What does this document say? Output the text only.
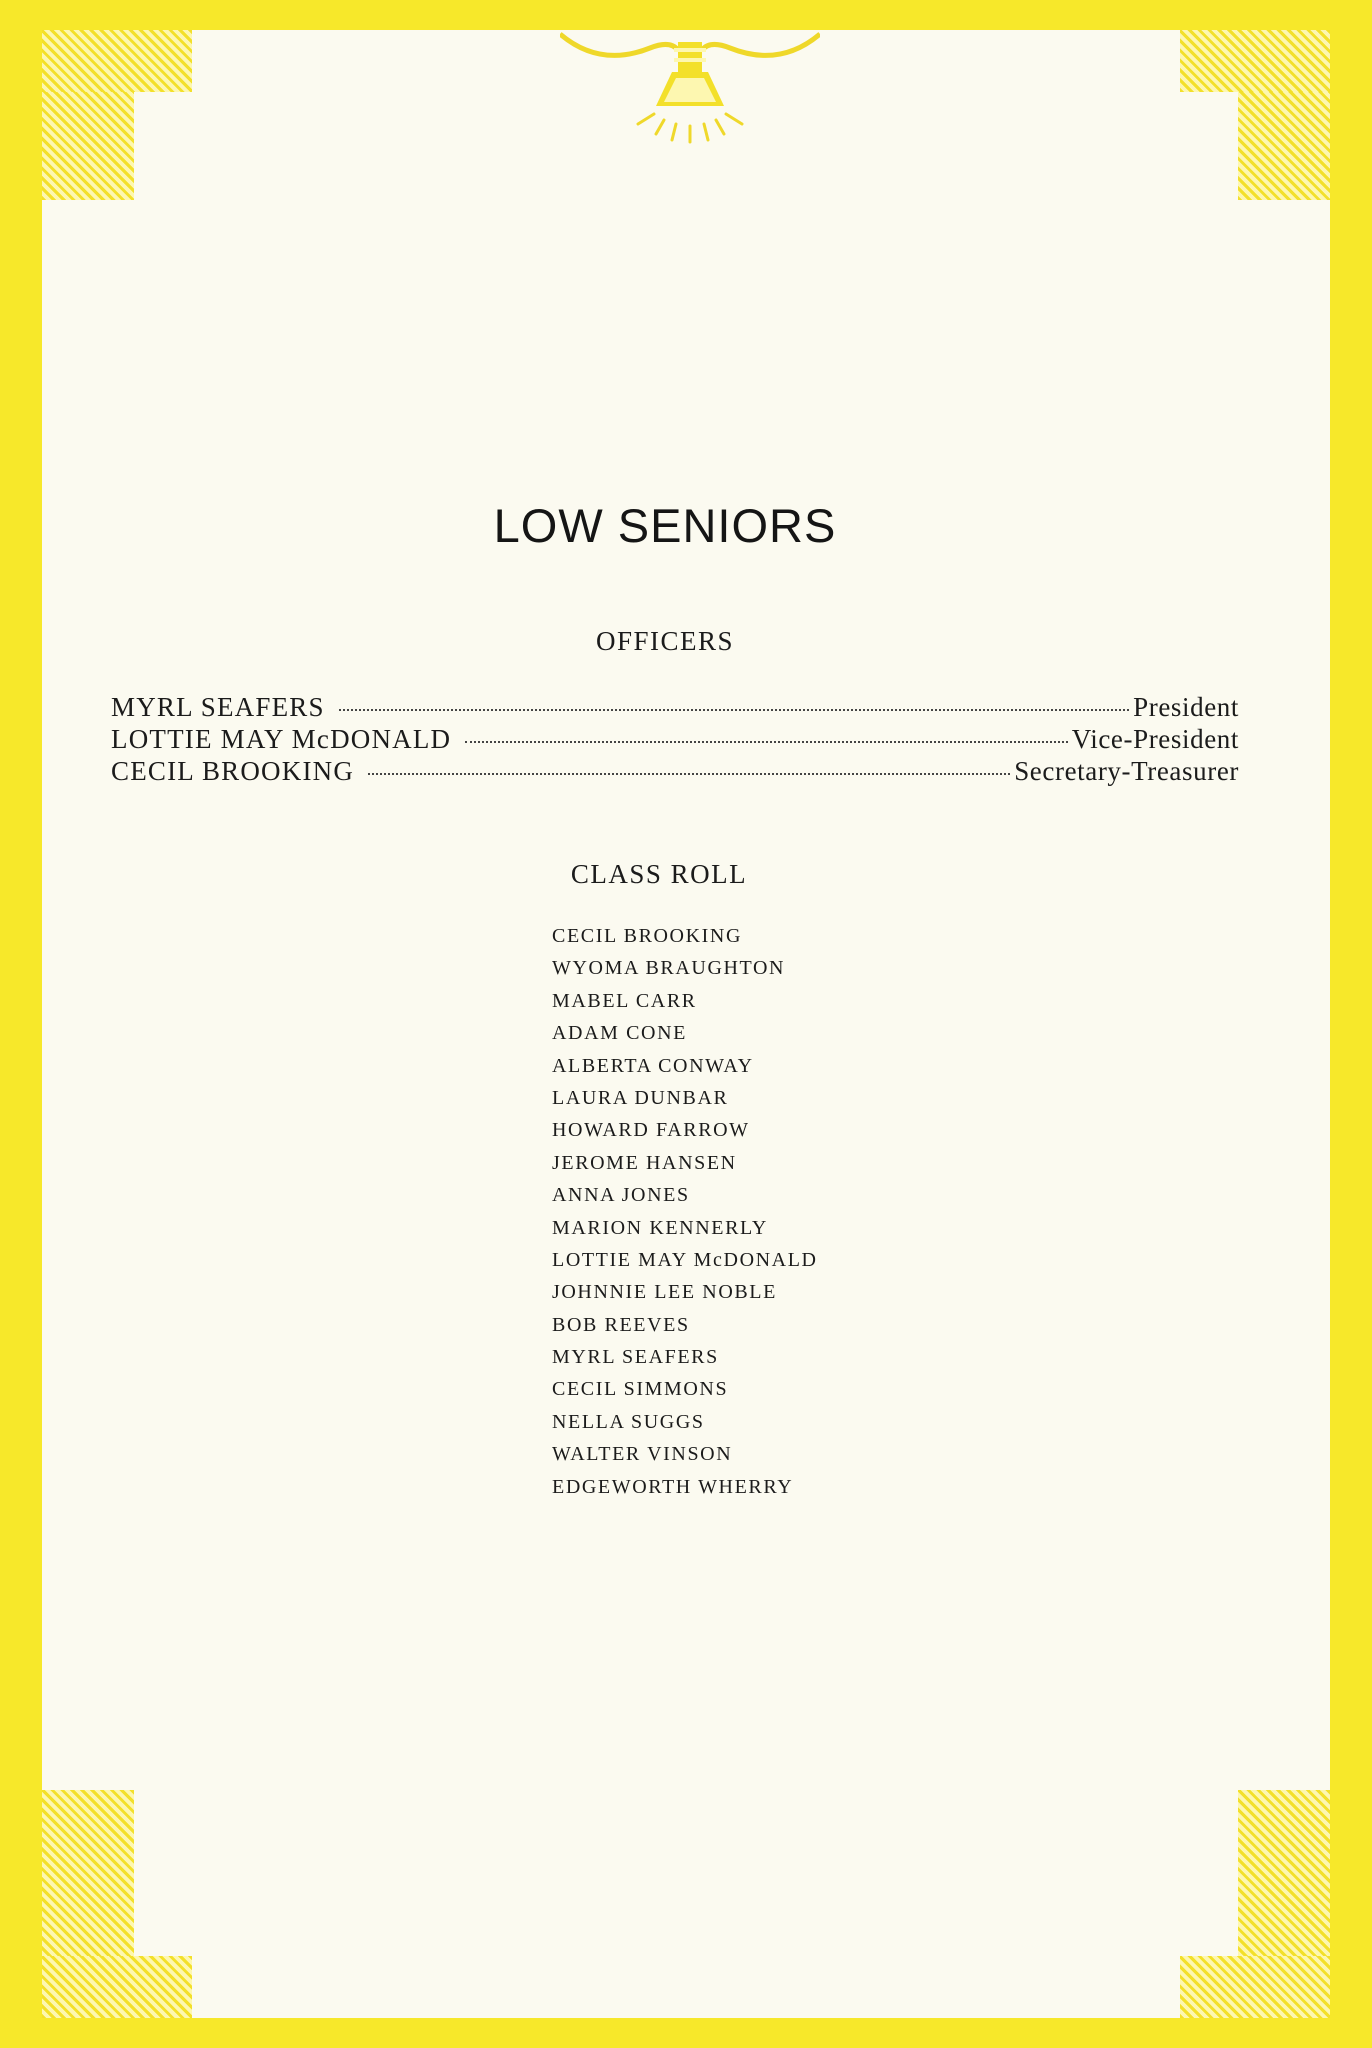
LOW SENIORS
OFFICERS
MYRL SEAFERS	President
LOTTIE MAY McDONALD	Vice-President
CECIL BROOKING	Secretary-Treasurer
CLASS ROLL
CECIL BROOKING
WYOMA BRAUGHTON
MABEL CARR
ADAM CONE
ALBERTA CONWAY
LAURA DUNBAR
HOWARD FARROW
JEROME HANSEN
ANNA JONES
MARION KENNERLY
LOTTIE MAY McDONALD
JOHNNIE LEE NOBLE
BOB REEVES
MYRL SEAFERS
CECIL SIMMONS
NELLA SUGGS
WALTER VINSON
EDGEWORTH WHERRY
